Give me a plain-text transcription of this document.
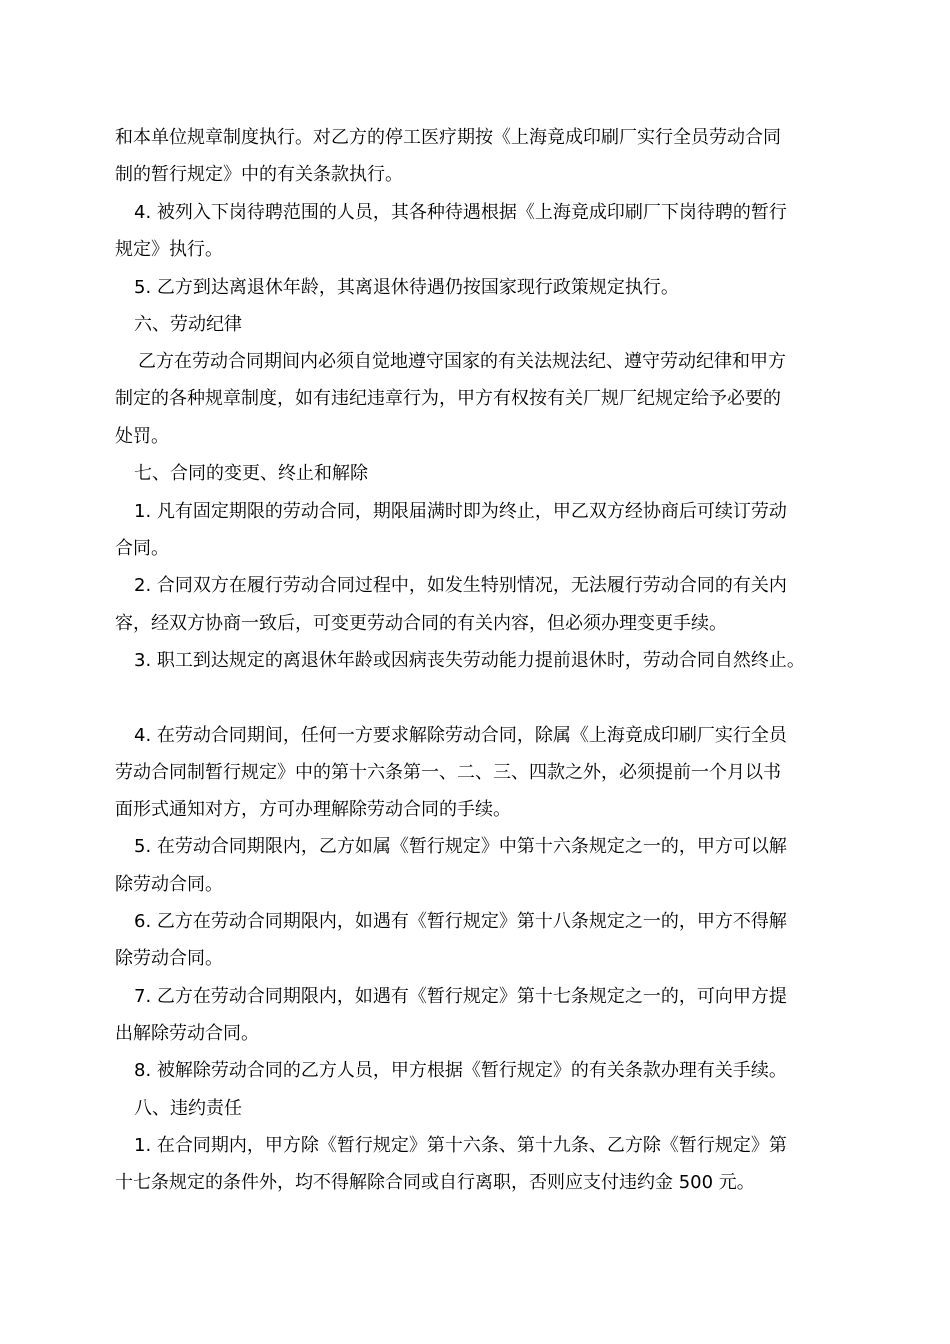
和本单位规章制度执行。对乙方的停工医疗期按《上海竟成印刷厂实行全员劳动合同
制的暂行规定》中的有关条款执行。
4. 被列入下岗待聘范围的人员，其各种待遇根据《上海竟成印刷厂下岗待聘的暂行
规定》执行。
5. 乙方到达离退休年龄，其离退休待遇仍按国家现行政策规定执行。
六、劳动纪律
乙方在劳动合同期间内必须自觉地遵守国家的有关法规法纪、遵守劳动纪律和甲方
制定的各种规章制度，如有违纪违章行为，甲方有权按有关厂规厂纪规定给予必要的
处罚。
七、合同的变更、终止和解除
1. 凡有固定期限的劳动合同，期限届满时即为终止，甲乙双方经协商后可续订劳动
合同。
2. 合同双方在履行劳动合同过程中，如发生特别情况，无法履行劳动合同的有关内
容，经双方协商一致后，可变更劳动合同的有关内容，但必须办理变更手续。
3. 职工到达规定的离退休年龄或因病丧失劳动能力提前退休时，劳动合同自然终止。
4. 在劳动合同期间，任何一方要求解除劳动合同，除属《上海竟成印刷厂实行全员
劳动合同制暂行规定》中的第十六条第一、二、三、四款之外，必须提前一个月以书
面形式通知对方，方可办理解除劳动合同的手续。
5. 在劳动合同期限内，乙方如属《暂行规定》中第十六条规定之一的，甲方可以解
除劳动合同。
6. 乙方在劳动合同期限内，如遇有《暂行规定》第十八条规定之一的，甲方不得解
除劳动合同。
7. 乙方在劳动合同期限内，如遇有《暂行规定》第十七条规定之一的，可向甲方提
出解除劳动合同。
8. 被解除劳动合同的乙方人员，甲方根据《暂行规定》的有关条款办理有关手续。
八、违约责任
1. 在合同期内，甲方除《暂行规定》第十六条、第十九条、乙方除《暂行规定》第
十七条规定的条件外，均不得解除合同或自行离职，否则应支付违约金 500 元。
